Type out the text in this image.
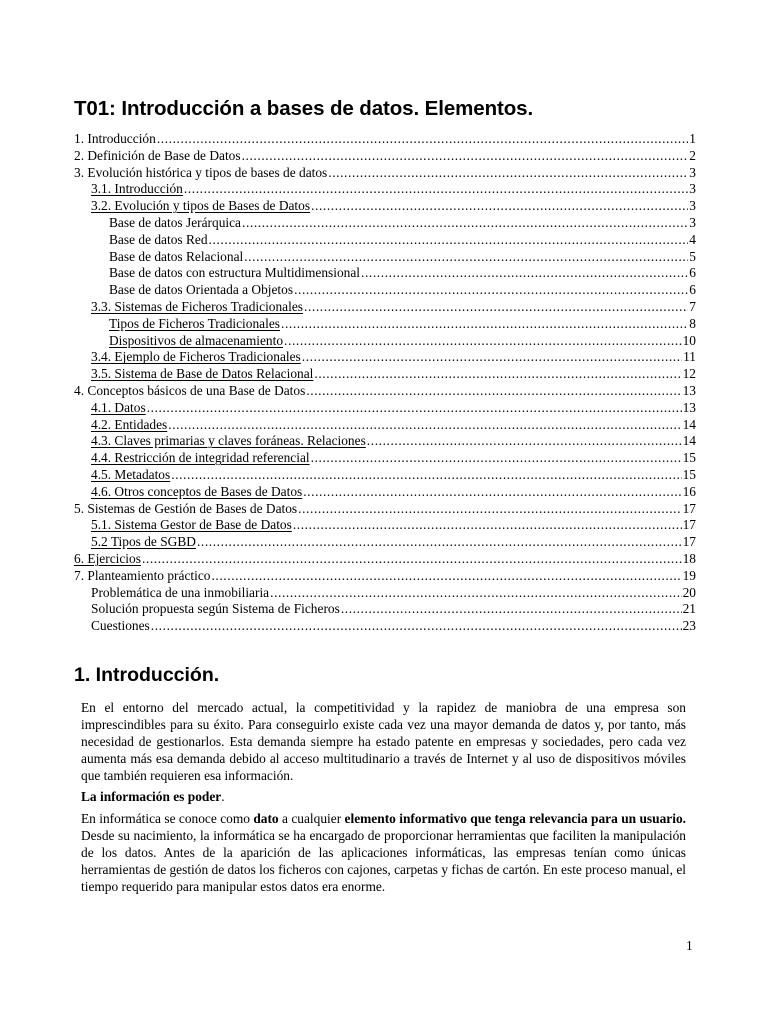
T01: Introducción a bases de datos. Elementos.
1. Introducción .....	1
2. Definición de Base de Datos .....	2
3. Evolución histórica y tipos de bases de datos .....	3
3.1. Introducción .....	3
3.2. Evolución y tipos de Bases de Datos .....	3
Base de datos Jerárquica .....	3
Base de datos Red .....	4
Base de datos Relacional .....	5
Base de datos con estructura Multidimensional .....	6
Base de datos Orientada a Objetos .....	6
3.3. Sistemas de Ficheros Tradicionales .....	7
Tipos de Ficheros Tradicionales .....	8
Dispositivos de almacenamiento .....	10
3.4. Ejemplo de Ficheros Tradicionales .....	11
3.5. Sistema de Base de Datos Relacional .....	12
4. Conceptos básicos de una Base de Datos .....	13
4.1. Datos .....	13
4.2. Entidades .....	14
4.3. Claves primarias y claves foráneas. Relaciones .....	14
4.4. Restricción de integridad referencial .....	15
4.5. Metadatos .....	15
4.6. Otros conceptos de Bases de Datos .....	16
5. Sistemas de Gestión de Bases de Datos .....	17
5.1. Sistema Gestor de Base de Datos .....	17
5.2 Tipos de SGBD .....	17
6. Ejercicios .....	18
7. Planteamiento práctico .....	19
Problemática de una inmobiliaria .....	20
Solución propuesta según Sistema de Ficheros .....	21
Cuestiones .....	23
1. Introducción.

En el entorno del mercado actual, la competitividad y la rapidez de maniobra de una empresa son imprescindibles para su éxito. Para conseguirlo existe cada vez una mayor demanda de datos y, por tanto, más necesidad de gestionarlos. Esta demanda siempre ha estado patente en empresas y sociedades, pero cada vez aumenta más esa demanda debido al acceso multitudinario a través de Internet y al uso de dispositivos móviles que también requieren esa información.

La información es poder.

En informática se conoce como dato a cualquier elemento informativo que tenga relevancia para un usuario. Desde su nacimiento, la informática se ha encargado de proporcionar herramientas que faciliten la manipulación de los datos. Antes de la aparición de las aplicaciones informáticas, las empresas tenían como únicas herramientas de gestión de datos los ficheros con cajones, carpetas y fichas de cartón. En este proceso manual, el tiempo requerido para manipular estos datos era enorme.

1
